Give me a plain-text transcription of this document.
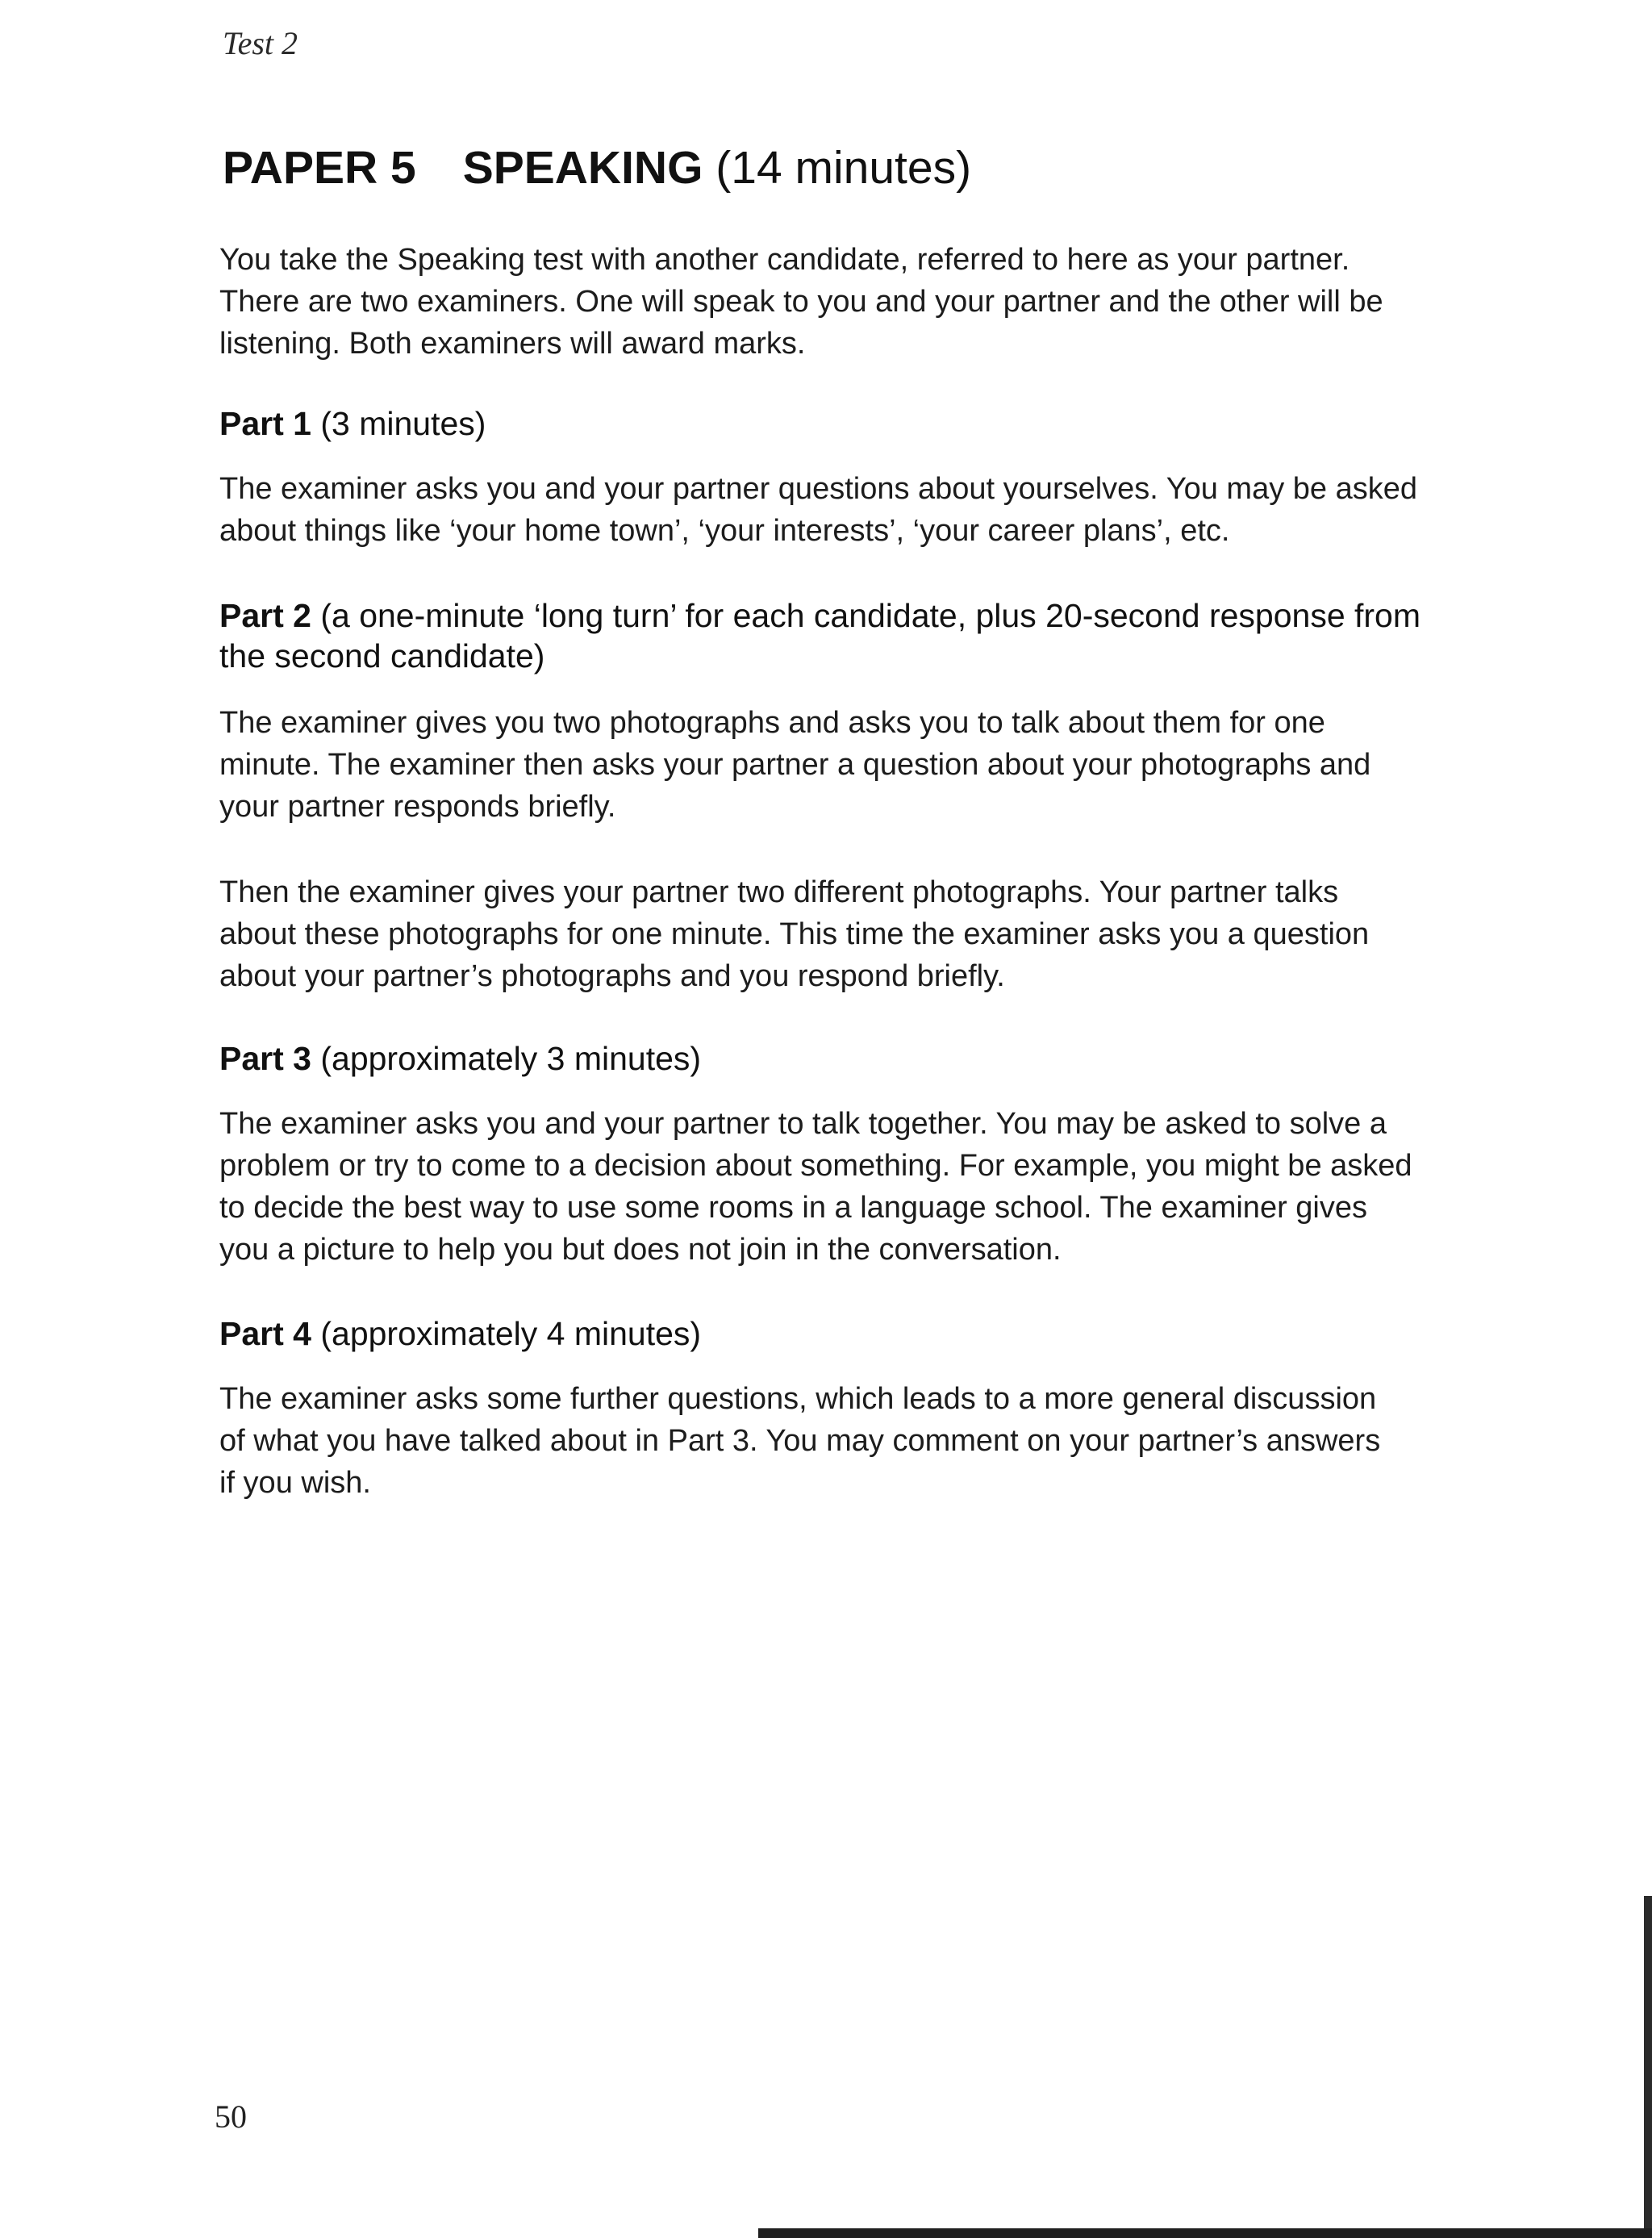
Test 2
PAPER 5 SPEAKING (14 minutes)

You take the Speaking test with another candidate, referred to here as your partner.
There are two examiners. One will speak to you and your partner and the other will be
listening. Both examiners will award marks.

Part 1 (3 minutes)

The examiner asks you and your partner questions about yourselves. You may be asked
about things like ‘your home town’, ‘your interests’, ‘your career plans’, etc.

Part 2 (a one-minute ‘long turn’ for each candidate, plus 20-second response from
the second candidate)

The examiner gives you two photographs and asks you to talk about them for one
minute. The examiner then asks your partner a question about your photographs and
your partner responds briefly.

Then the examiner gives your partner two different photographs. Your partner talks
about these photographs for one minute. This time the examiner asks you a question
about your partner’s photographs and you respond briefly.

Part 3 (approximately 3 minutes)

The examiner asks you and your partner to talk together. You may be asked to solve a
problem or try to come to a decision about something. For example, you might be asked
to decide the best way to use some rooms in a language school. The examiner gives
you a picture to help you but does not join in the conversation.

Part 4 (approximately 4 minutes)

The examiner asks some further questions, which leads to a more general discussion
of what you have talked about in Part 3. You may comment on your partner’s answers
if you wish.

50
